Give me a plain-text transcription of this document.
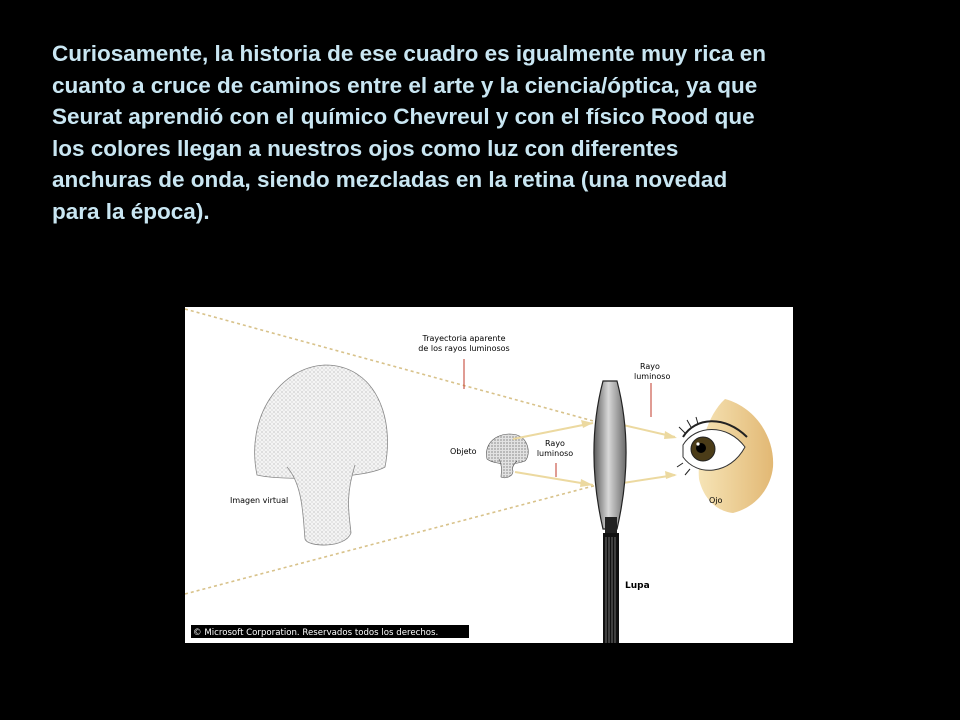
Curiosamente, la historia de ese cuadro es igualmente muy rica en
cuanto a cruce de caminos entre el arte y la ciencia/óptica, ya que
Seurat aprendió con el químico Chevreul y con el físico Rood que
los colores llegan a nuestros ojos como luz con diferentes
anchuras de onda, siendo mezcladas en la retina (una novedad
para la época).
Trayectoria aparente
de los rayos luminosos
Rayo
luminoso
Rayo
luminoso
Objeto
Imagen virtual	Ojo
Lupa
© Microsoft Corporation. Reservados todos los derechos.
